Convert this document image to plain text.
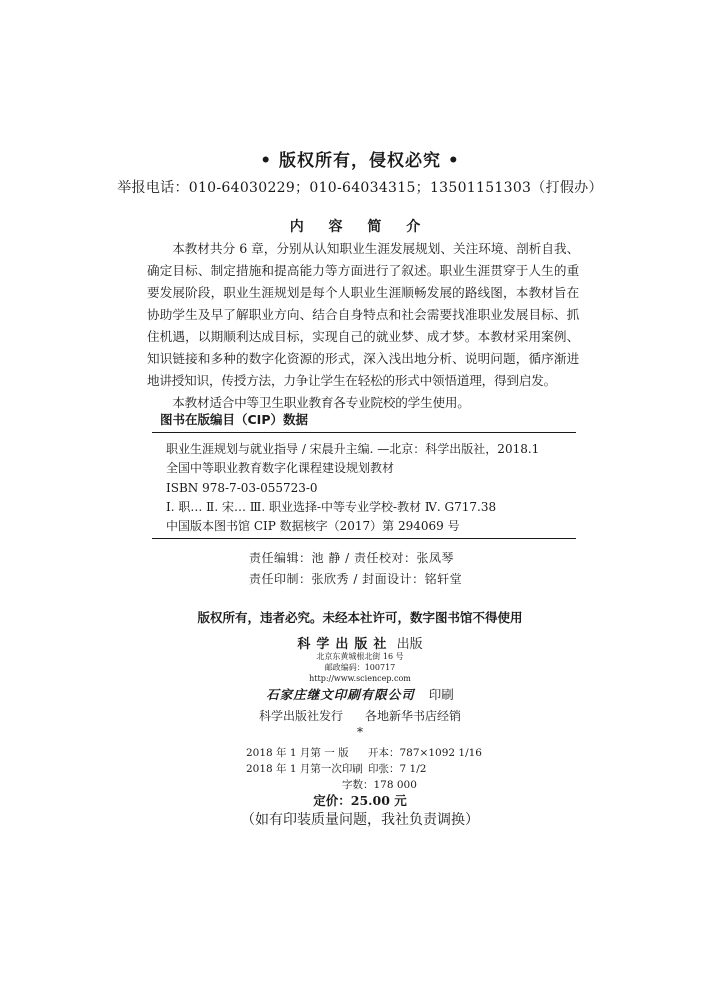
• 版权所有，侵权必究 •
举报电话：010-64030229；010-64034315；13501151303（打假办）
内 容 简 介

本教材共分 6 章，分别从认知职业生涯发展规划、关注环境、剖析自我、确定目标、制定措施和提高能力等方面进行了叙述。职业生涯贯穿于人生的重要发展阶段，职业生涯规划是每个人职业生涯顺畅发展的路线图，本教材旨在协助学生及早了解职业方向、结合自身特点和社会需要找准职业发展目标、抓住机遇，以期顺利达成目标，实现自己的就业梦、成才梦。本教材采用案例、知识链接和多种的数字化资源的形式，深入浅出地分析、说明问题，循序渐进地讲授知识，传授方法，力争让学生在轻松的形式中领悟道理，得到启发。

本教材适合中等卫生职业教育各专业院校的学生使用。

图书在版编目（CIP）数据
职业生涯规划与就业指导 / 宋晨升主编. —北京：科学出版社，2018.1
全国中等职业教育数字化课程建设规划教材
ISBN 978-7-03-055723-0
Ⅰ. 职… Ⅱ. 宋… Ⅲ. 职业选择-中等专业学校-教材 Ⅳ. G717.38
中国版本图书馆 CIP 数据核字（2017）第 294069 号
责任编辑：池 静 / 责任校对：张凤琴
责任印制：张欣秀 / 封面设计：铭轩堂
版权所有，违者必究。未经本社许可，数字图书馆不得使用
科学出版社 出版
北京东黄城根北街 16 号
邮政编码：100717
http://www.sciencep.com
石家庄继文印刷有限公司 印刷
科学出版社发行 各地新华书店经销
*
2018 年 1 月第 一 版 开本：787×1092 1/16
2018 年 1 月第一次印刷 印张：7 1/2

字数：178 000
定价：25.00 元
（如有印装质量问题，我社负责调换）
